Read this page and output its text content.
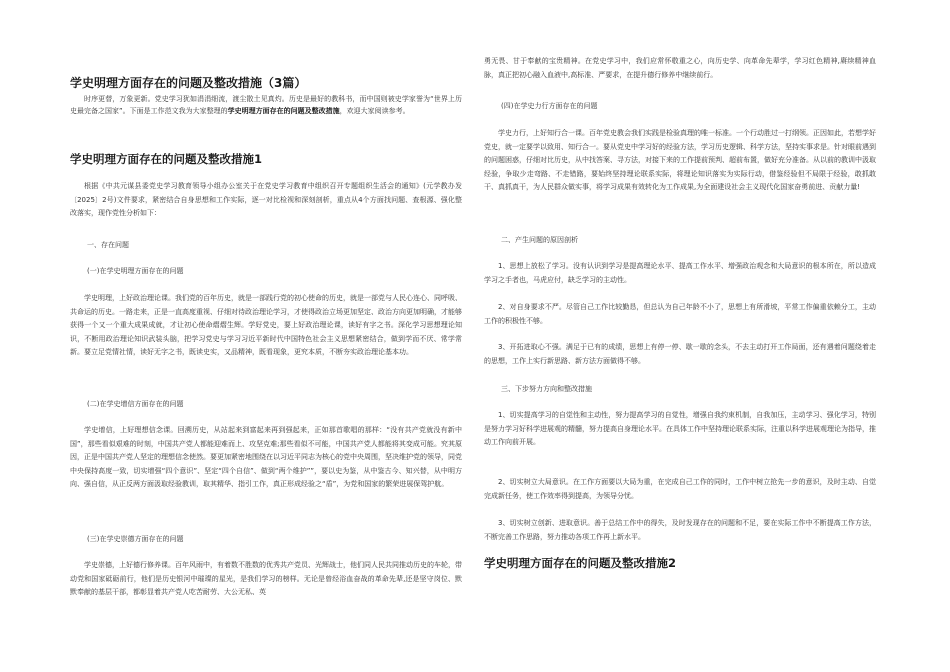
学史明理方面存在的问题及整改措施（3篇）

时序更替，万象更新。党史学习犹如涓涓细流，渡尘散土见真灼。历史是最好的教科书，而中国则被史学家誉为“世界上历史最完备之国家”。下面是工作范文我为大家整理的学史明理方面存在的问题及整改措施，欢迎大家阅读参考。

学史明理方面存在的问题及整改措施1

根据《中共元谋县委党史学习教育领导小组办公室关于在党史学习教育中组织召开专题组织生活会的通知》(元学教办发〔2025〕2号)文件要求，紧密结合自身思想和工作实际，逐一对比检视和深刻剖析，重点从4个方面找问题、查根源、强化整改落实，现作党性分析如下：

一、存在问题

(一)在学史明理方面存在的问题

学史明理，上好政治理论课。我们党的百年历史，就是一部践行党的初心使命的历史，就是一部党与人民心连心、同呼吸、共命运的历史。一路走来，正是一直高度重视、仔细对待政治理论学习，才使得政治立场更加坚定、政治方向更加明确，才能够获得一个又一个重大成果成就，才让初心使命熠熠生辉。学好党史，要上好政治理论课，读好有字之书。深化学习思想理论知识，不断用政治理论知识武装头脑，把学习党史与学习习近平新时代中国特色社会主义思想紧密结合，做到学而不厌、常学常新。要立足党情社情，读好无字之书，既读史实，又品精神，既看现象，更究本质，不断夯实政治理论基本功。

(二)在学史增信方面存在的问题

学史增信，上好理想信念课。回溯历史，从站起来到富起来再到强起来，正如那首歌唱的那样：“没有共产党就没有新中国”，那些看似艰难的时刻，中国共产党人都能迎难而上、攻坚克难;那些看似不可能，中国共产党人都能将其变成可能。究其原因，正是中国共产党人坚定的理想信念使然。要更加紧密地围绕在以习近平同志为核心的党中央周围，坚决维护党的领导，同党中央保持高度一致，切实增强“四个意识”、坚定“四个自信”、做到“两个维护””，要以史为鉴，从中鉴古今、知兴替，从中明方向、强自信，从正反两方面汲取经验教训，取其精华、指引工作，真正形成经验之“盾”，为党和国家的繁荣进展保驾护航。

(三)在学史崇德方面存在的问题

学史崇德，上好德行修养课。百年风雨中，有着数不胜数的优秀共产党员、光辉战士，他们同人民共同推动历史的车轮，带动党和国家砥砺前行，他们是历史银河中璀璨的星光，是我们学习的榜样。无论是曾经浴血奋战的革命先辈,还是坚守岗位、默默奉献的基层干部，都彰显着共产党人吃苦耐劳、大公无私、英

勇无畏、甘于奉献的宝贵精神。在党史学习中，我们应常怀敬重之心，向历史学、向革命先辈学，学习红色精神,赓续精神血脉，真正把初心融入血液中,高标准、严要求，在提升德行修养中继续前行。

(四)在学史力行方面存在的问题

学史力行，上好知行合一课。百年党史教会我们实践是检验真理的唯一标准。一个行动胜过一打纲领。正因如此，若想学好党史，就一定要学以致用、知行合一。要从党史中学习好的经验方法，学习历史逻辑、科学方法，坚持实事求是。针对眼前遇到的问题困惑，仔细对比历史，从中找答案、寻方法，对接下来的工作提前预判、超前布置，做好充分准备。从以前的教训中汲取经验，争取少走弯路、不走错路，要始终坚持理论联系实际，将理论知识落实为实际行动，借鉴经验但不局限于经验，敢抓敢干、真抓真干，为人民群众做实事，将学习成果有效转化为工作成果,为全面建设社会主义现代化国家奋勇前进、贡献力量!

二、产生问题的原因剖析

1、思想上放松了学习。没有认识到学习是提高理论水平、提高工作水平、增强政治观念和大局意识的根本所在，所以造成学习之手者也，马虎应付，缺乏学习的主动性。

2、对自身要求不严。尽管自己工作比较勤恳，但总认为自己年龄不小了，思想上有所滑坡，平常工作偏重依赖分工，主动工作的积极性不够。

3、开拓进取心不强。满足于已有的成绩，思想上有停一停、歇一歇的念头，不去主动打开工作局面，还有遇着问题绕着走的思想，工作上实行新思路、新方法方面做得不够。

三、下步努力方向和整改措施

1、切实提高学习的自觉性和主动性，努力提高学习的自觉性，增强自我约束机制，自我加压，主动学习、强化学习，特别是努力学习好科学进展观的精髓，努力提高自身理论水平。在具体工作中坚持理论联系实际，注重以科学进展观理论为指导，推动工作向前开展。

2、切实树立大局意识。在工作方面要以大局为重，在完成自己工作的同时，工作中树立抢先一步的意识，及时主动、自觉完成新任务，使工作效率得到提高，为领导分忧。

3、切实树立创新、进取意识。善于总结工作中的得失，及时发现存在的问题和不足，要在实际工作中不断提高工作方法，不断完善工作思路，努力推动各项工作再上新水平。

学史明理方面存在的问题及整改措施2
